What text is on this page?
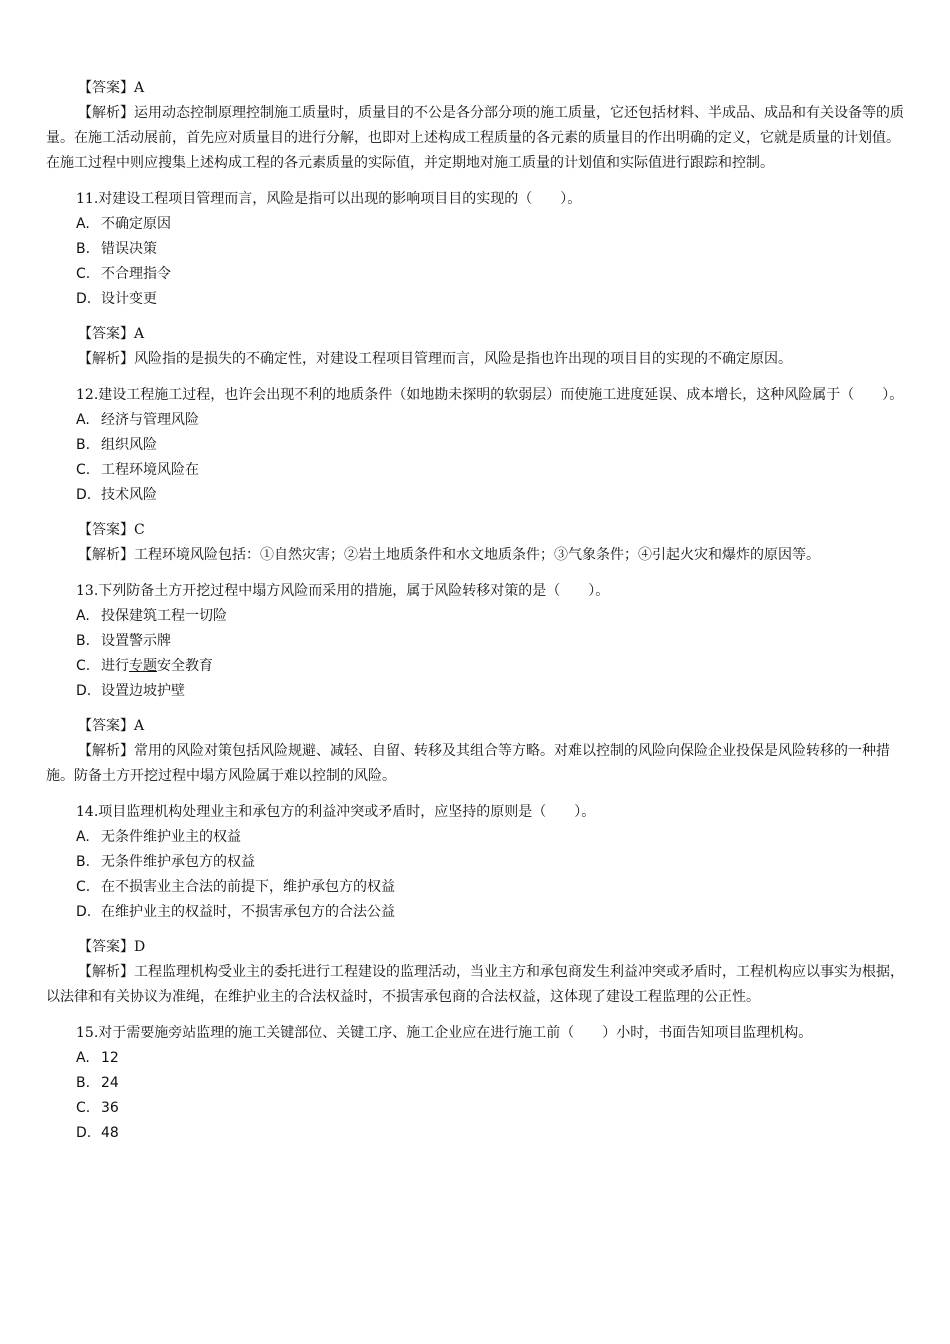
【答案】A

【解析】运用动态控制原理控制施工质量时，质量目的不公是各分部分项的施工质量，它还包括材料、半成品、成品和有关设备等的质量。在施工活动展前，首先应对质量目的进行分解，也即对上述构成工程质量的各元素的质量目的作出明确的定义，它就是质量的计划值。在施工过程中则应搜集上述构成工程的各元素质量的实际值，并定期地对施工质量的计划值和实际值进行跟踪和控制。

11.对建设工程项目管理而言，风险是指可以出现的影响项目目的实现的（　　）。

A. 不确定原因

B. 错误决策

C. 不合理指令

D. 设计变更

【答案】A

【解析】风险指的是损失的不确定性，对建设工程项目管理而言，风险是指也许出现的项目目的实现的不确定原因。

12.建设工程施工过程，也许会出现不利的地质条件（如地勘未探明的软弱层）而使施工进度延误、成本增长，这种风险属于（　　）。

A. 经济与管理风险

B. 组织风险

C. 工程环境风险在

D. 技术风险

【答案】C

【解析】工程环境风险包括：①自然灾害；②岩土地质条件和水文地质条件；③气象条件；④引起火灾和爆炸的原因等。

13.下列防备土方开挖过程中塌方风险而采用的措施，属于风险转移对策的是（　　）。

A. 投保建筑工程一切险

B. 设置警示牌

C. 进行专题安全教育

D. 设置边坡护壁

【答案】A

【解析】常用的风险对策包括风险规避、减轻、自留、转移及其组合等方略。对难以控制的风险向保险企业投保是风险转移的一种措施。防备土方开挖过程中塌方风险属于难以控制的风险。

14.项目监理机构处理业主和承包方的利益冲突或矛盾时，应坚持的原则是（　　）。

A. 无条件维护业主的权益

B. 无条件维护承包方的权益

C. 在不损害业主合法的前提下，维护承包方的权益

D. 在维护业主的权益时，不损害承包方的合法公益

【答案】D

【解析】工程监理机构受业主的委托进行工程建设的监理活动，当业主方和承包商发生利益冲突或矛盾时，工程机构应以事实为根据，以法律和有关协议为准绳，在维护业主的合法权益时，不损害承包商的合法权益，这体现了建设工程监理的公正性。

15.对于需要施旁站监理的施工关键部位、关键工序、施工企业应在进行施工前（　　）小时，书面告知项目监理机构。

A. 12

B. 24

C. 36

D. 48
